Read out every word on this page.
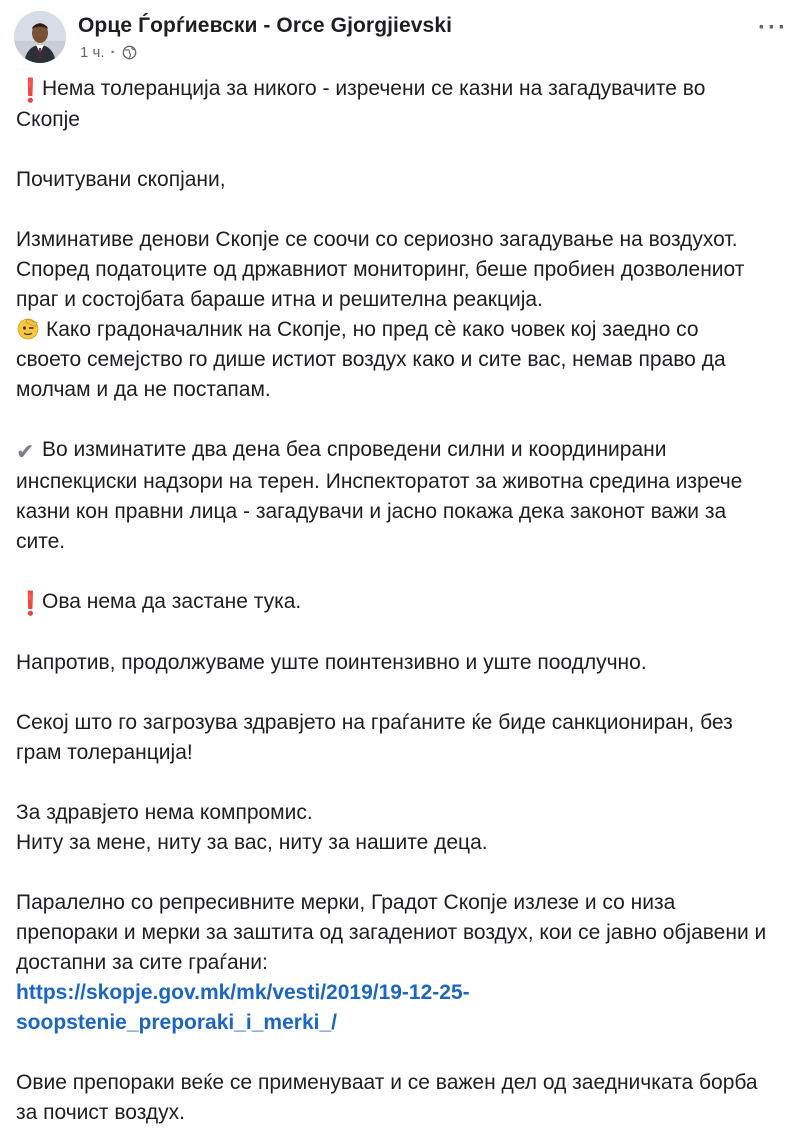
Орце Ѓорѓиевски - Orce Gjorgjievski
1 ч. ·
···
❗Нема толеранција за никого - изречени се казни на загадувачите во
Скопје
Почитувани скопјани,
Изминативе денови Скопје се соочи со сериозно загадување на воздухот.
Според податоците од државниот мониторинг, беше пробиен дозволениот
праг и состојбата бараше итна и решителна реакција.
Како градоначалник на Скопје, но пред сѐ како човек кој заедно со
своето семејство го дише истиот воздух како и сите вас, немав право да
молчам и да не постапам.
✔ Во изминатите два дена беа спроведени силни и координирани
инспекциски надзори на терен. Инспекторатот за животна средина изрече
казни кон правни лица - загадувачи и јасно покажа дека законот важи за
сите.
❗Ова нема да застане тука.
Напротив, продолжуваме уште поинтензивно и уште поодлучно.
Секој што го загрозува здравјето на граѓаните ќе биде санкциониран, без
грам толеранција!
За здравјето нема компромис.
Ниту за мене, ниту за вас, ниту за нашите деца.
Паралелно со репресивните мерки, Градот Скопје излезе и со низа
препораки и мерки за заштита од загадениот воздух, кои се јавно објавени и
достапни за сите граѓани:
https://skopje.gov.mk/mk/vesti/2019/19-12-25-soopstenie_preporaki_i_merki_/
Овие препораки веќе се применуваат и се важен дел од заедничката борба
за почист воздух.
